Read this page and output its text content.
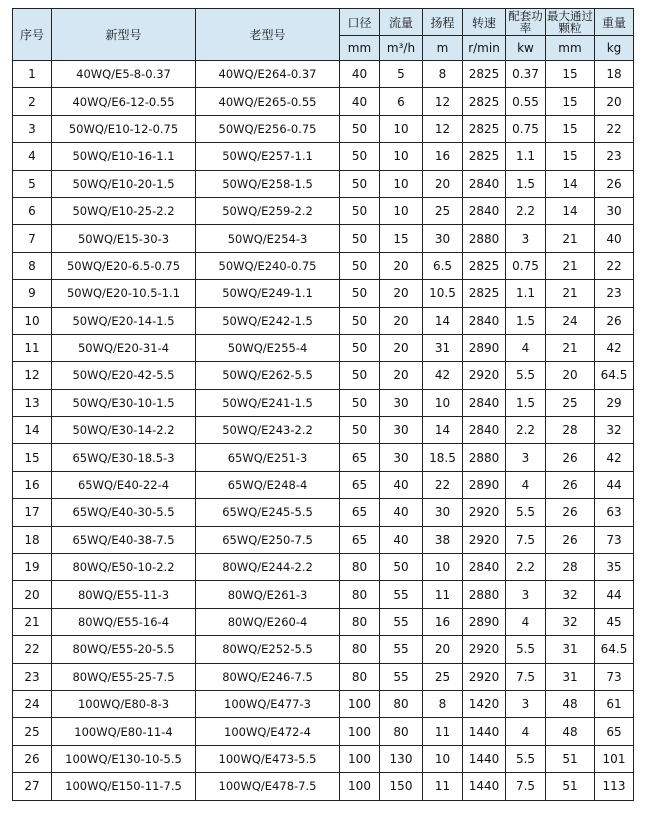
序号	新型号	老型号	口径	流量	扬程	转速	配套功率	最大通过颗粒	重量
			mm	m³/h	m	r/min	kw	mm	kg
1	40WQ/E5-8-0.37	40WQ/E264-0.37	40	5	8	2825	0.37	15	18
2	40WQ/E6-12-0.55	40WQ/E265-0.55	40	6	12	2825	0.55	15	20
3	50WQ/E10-12-0.75	50WQ/E256-0.75	50	10	12	2825	0.75	15	22
4	50WQ/E10-16-1.1	50WQ/E257-1.1	50	10	16	2825	1.1	15	23
5	50WQ/E10-20-1.5	50WQ/E258-1.5	50	10	20	2840	1.5	14	26
6	50WQ/E10-25-2.2	50WQ/E259-2.2	50	10	25	2840	2.2	14	30
7	50WQ/E15-30-3	50WQ/E254-3	50	15	30	2880	3	21	40
8	50WQ/E20-6.5-0.75	50WQ/E240-0.75	50	20	6.5	2825	0.75	21	22
9	50WQ/E20-10.5-1.1	50WQ/E249-1.1	50	20	10.5	2825	1.1	21	23
10	50WQ/E20-14-1.5	50WQ/E242-1.5	50	20	14	2840	1.5	24	26
11	50WQ/E20-31-4	50WQ/E255-4	50	20	31	2890	4	21	42
12	50WQ/E20-42-5.5	50WQ/E262-5.5	50	20	42	2920	5.5	20	64.5
13	50WQ/E30-10-1.5	50WQ/E241-1.5	50	30	10	2840	1.5	25	29
14	50WQ/E30-14-2.2	50WQ/E243-2.2	50	30	14	2840	2.2	28	32
15	65WQ/E30-18.5-3	65WQ/E251-3	65	30	18.5	2880	3	26	42
16	65WQ/E40-22-4	65WQ/E248-4	65	40	22	2890	4	26	44
17	65WQ/E40-30-5.5	65WQ/E245-5.5	65	40	30	2920	5.5	26	63
18	65WQ/E40-38-7.5	65WQ/E250-7.5	65	40	38	2920	7.5	26	73
19	80WQ/E50-10-2.2	80WQ/E244-2.2	80	50	10	2840	2.2	28	35
20	80WQ/E55-11-3	80WQ/E261-3	80	55	11	2880	3	32	44
21	80WQ/E55-16-4	80WQ/E260-4	80	55	16	2890	4	32	45
22	80WQ/E55-20-5.5	80WQ/E252-5.5	80	55	20	2920	5.5	31	64.5
23	80WQ/E55-25-7.5	80WQ/E246-7.5	80	55	25	2920	7.5	31	73
24	100WQ/E80-8-3	100WQ/E477-3	100	80	8	1420	3	48	61
25	100WQ/E80-11-4	100WQ/E472-4	100	80	11	1440	4	48	65
26	100WQ/E130-10-5.5	100WQ/E473-5.5	100	130	10	1440	5.5	51	101
27	100WQ/E150-11-7.5	100WQ/E478-7.5	100	150	11	1440	7.5	51	113
